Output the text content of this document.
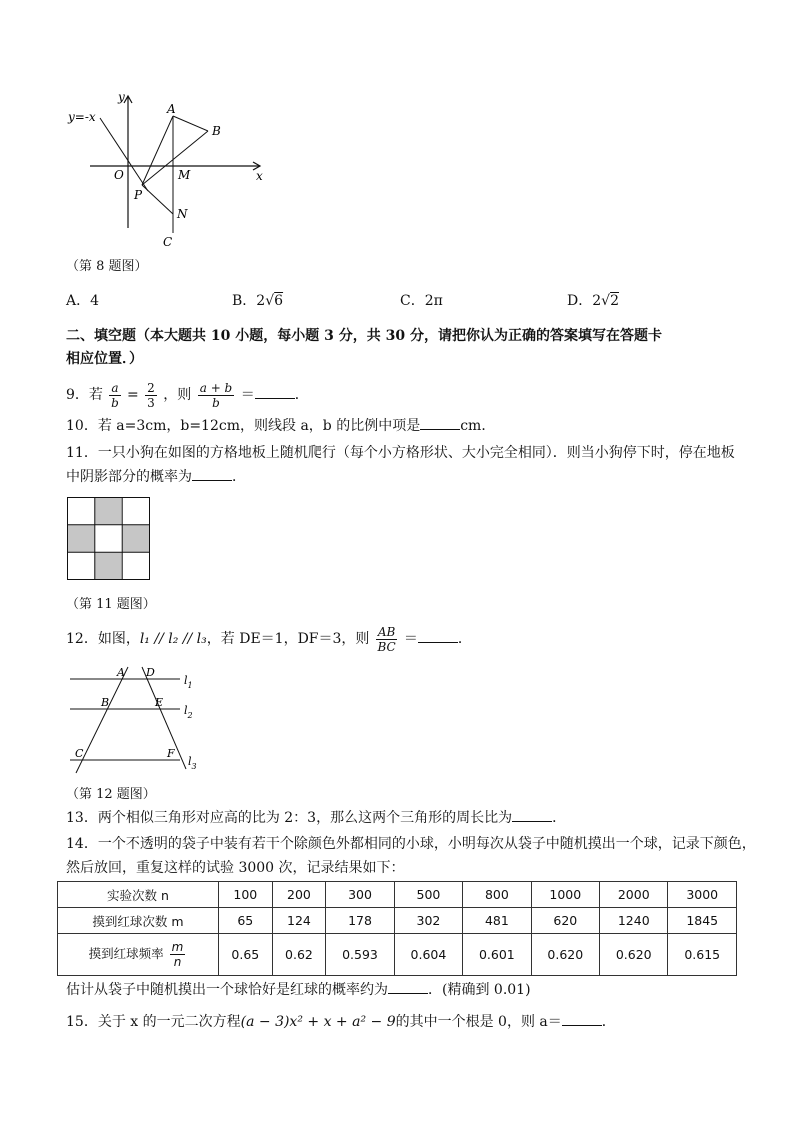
y
y=-x
A
B
O	M	x
P
N
C
（第 8 题图）
A．4	B．2√6	C．2π	D．2√2
二、填空题（本大题共 10 小题，每小题 3 分，共 30 分，请把你认为正确的答案填写在答题卡
相应位置．）
9．若 $\frac{a}{b} = \frac{2}{3}$ ，则 $\frac{a + b}{b}$ ＝	．
10．若 a=3cm，b=12cm，则线段 a，b 的比例中项是	cm．
11．一只小狗在如图的方格地板上随机爬行（每个小方格形状、大小完全相同）．则当小狗停下时，停在地板
中阴影部分的概率为	．
（第 11 题图）
12．如图，l₁ // l₂ // l₃，若 DE＝1，DF＝3，则 $\frac{AB}{BC}$ ＝	．
A D
B	E
C	F
$l_1$
$l_2$
$l_3$
（第 12 题图）
13．两个相似三角形对应高的比为 2：3，那么这两个三角形的周长比为	．
14．一个不透明的袋子中装有若干个除颜色外都相同的小球，小明每次从袋子中随机摸出一个球，记录下颜色，
然后放回，重复这样的试验 3000 次，记录结果如下：
实验次数 n	100	200	300	500	800	1000	2000	3000
摸到红球次数 m	65	124	178	302	481	620	1240	1845
摸到红球频率 $\frac{m}{n}$	0.65	0.62	0.593	0.604	0.601	0.620	0.620	0.615
估计从袋子中随机摸出一个球恰好是红球的概率约为	．(精确到 0.01)
15．关于 x 的一元二次方程(a − 3)x² + x + a² − 9的其中一个根是 0，则 a＝	．
